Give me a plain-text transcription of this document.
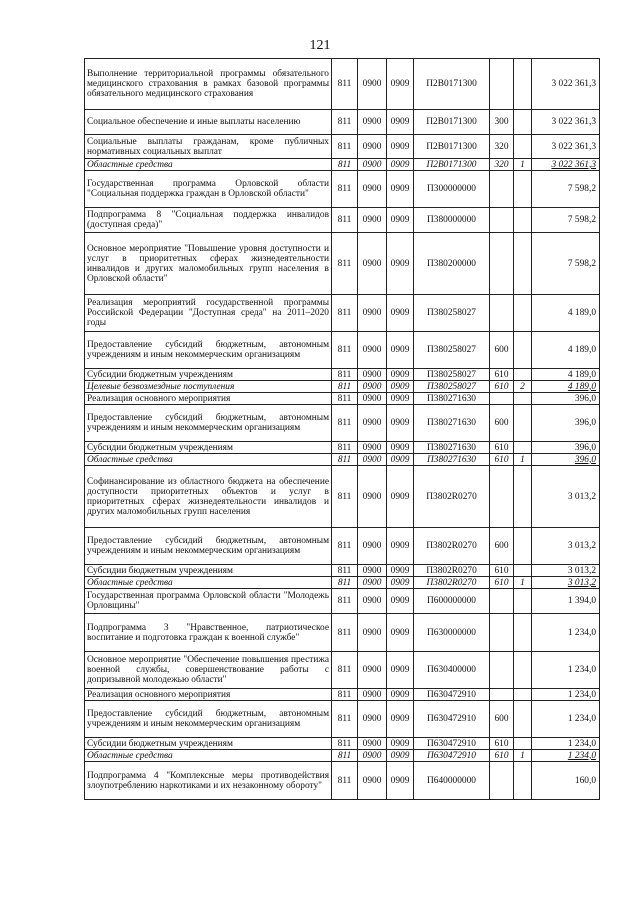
121
Выполнение территориальной программы обязательного медицинского страхования в рамках базовой программы обязательного медицинского страхования	811	0900	0909	П2В0171300			3 022 361,3
Социальное обеспечение и иные выплаты населению	811	0900	0909	П2В0171300	300		3 022 361,3
Социальные выплаты гражданам, кроме публичных нормативных социальных выплат	811	0900	0909	П2В0171300	320		3 022 361,3
Областные средства	811	0900	0909	П2В0171300	320	1	3 022 361,3
Государственная программа Орловской области "Социальная поддержка граждан в Орловской области"	811	0900	0909	П300000000			7 598,2
Подпрограмма 8 "Социальная поддержка инвалидов (доступная среда)"	811	0900	0909	П380000000			7 598,2
Основное мероприятие "Повышение уровня доступности и услуг в приоритетных сферах жизнедеятельности инвалидов и других маломобильных групп населения в Орловской области"	811	0900	0909	П380200000			7 598,2
Реализация мероприятий государственной программы Российской Федерации "Доступная среда" на 2011–2020 годы	811	0900	0909	П380258027			4 189,0
Предоставление субсидий бюджетным, автономным учреждениям и иным некоммерческим организациям	811	0900	0909	П380258027	600		4 189,0
Субсидии бюджетным учреждениям	811	0900	0909	П380258027	610		4 189,0
Целевые безвозмездные поступления	811	0900	0909	П380258027	610	2	4 189,0
Реализация основного мероприятия	811	0900	0909	П380271630			396,0
Предоставление субсидий бюджетным, автономным учреждениям и иным некоммерческим организациям	811	0900	0909	П380271630	600		396,0
Субсидии бюджетным учреждениям	811	0900	0909	П380271630	610		396,0
Областные средства	811	0900	0909	П380271630	610	1	396,0
Софинансирование из областного бюджета на обеспечение доступности приоритетных объектов и услуг в приоритетных сферах жизнедеятельности инвалидов и других маломобильных групп населения	811	0900	0909	П3802R0270			3 013,2
Предоставление субсидий бюджетным, автономным учреждениям и иным некоммерческим организациям	811	0900	0909	П3802R0270	600		3 013,2
Субсидии бюджетным учреждениям	811	0900	0909	П3802R0270	610		3 013,2
Областные средства	811	0900	0909	П3802R0270	610	1	3 013,2
Государственная программа Орловской области "Молодежь Орловщины"	811	0900	0909	П600000000			1 394,0
Подпрограмма 3 "Нравственное, патриотическое воспитание и подготовка граждан к военной службе"	811	0900	0909	П630000000			1 234,0
Основное мероприятие "Обеспечение повышения престижа военной службы, совершенствование работы с допризывной молодежью области"	811	0900	0909	П630400000			1 234,0
Реализация основного мероприятия	811	0900	0909	П630472910			1 234,0
Предоставление субсидий бюджетным, автономным учреждениям и иным некоммерческим организациям	811	0900	0909	П630472910	600		1 234,0
Субсидии бюджетным учреждениям	811	0900	0909	П630472910	610		1 234,0
Областные средства	811	0900	0909	П630472910	610	1	1 234,0
Подпрограмма 4 "Комплексные меры противодействия злоупотреблению наркотиками и их незаконному обороту"	811	0900	0909	П640000000			160,0
